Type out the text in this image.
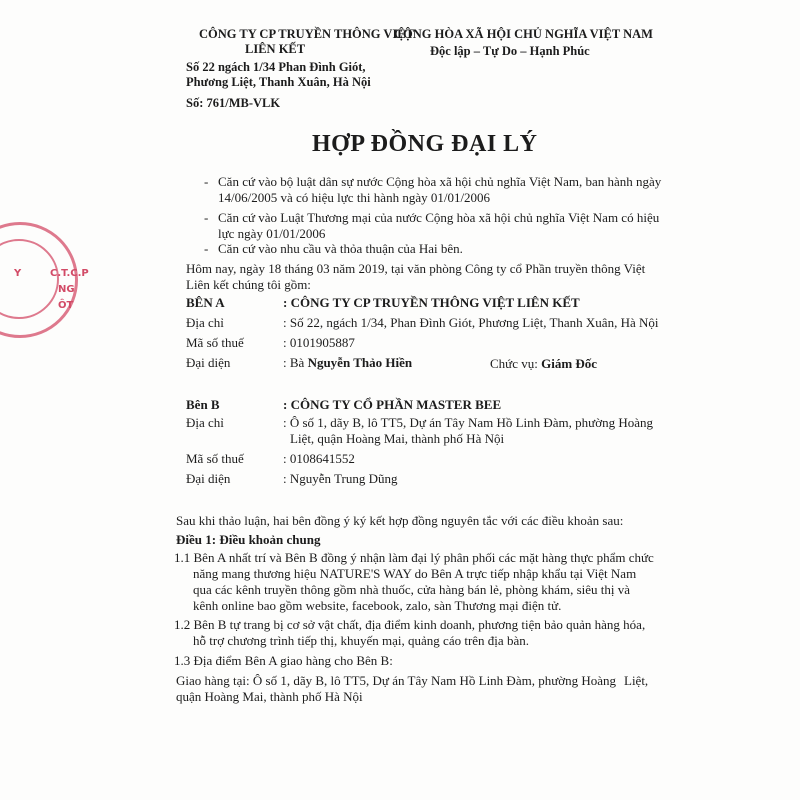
Y	C.T.C.P
NG
ÔT
CÔNG TY CP TRUYỀN THÔNG VIỆT
LIÊN KẾT
Số 22 ngách 1/34 Phan Đình Giót,
Phương Liệt, Thanh Xuân, Hà Nội
Số: 761/MB-VLK
CỘNG HÒA XÃ HỘI CHỦ NGHĨA VIỆT NAM
Độc lập – Tự Do – Hạnh Phúc
HỢP ĐỒNG ĐẠI LÝ
- Căn cứ vào bộ luật dân sự nước Cộng hòa xã hội chủ nghĩa Việt Nam, ban hành ngày
14/06/2005 và có hiệu lực thi hành ngày 01/01/2006
- Căn cứ vào Luật Thương mại của nước Cộng hòa xã hội chủ nghĩa Việt Nam có hiệu
lực ngày 01/01/2006
- Căn cứ vào nhu cầu và thỏa thuận của Hai bên.
Hôm nay, ngày 18 tháng 03 năm 2019, tại văn phòng Công ty cổ Phần truyền thông Việt
Liên kết chúng tôi gồm:
BÊN A	: CÔNG TY CP TRUYỀN THÔNG VIỆT LIÊN KẾT
Địa chỉ	: Số 22, ngách 1/34, Phan Đình Giót, Phương Liệt, Thanh Xuân, Hà Nội
Mã số thuế	: 0101905887
Đại diện	: Bà Nguyễn Thảo Hiền	Chức vụ: Giám Đốc
Bên B	: CÔNG TY CỔ PHẦN MASTER BEE
Địa chỉ	: Ô số 1, dãy B, lô TT5, Dự án Tây Nam Hồ Linh Đàm, phường Hoàng
Liệt, quận Hoàng Mai, thành phố Hà Nội
Mã số thuế	: 0108641552
Đại diện	: Nguyễn Trung Dũng
Sau khi thảo luận, hai bên đồng ý ký kết hợp đồng nguyên tắc với các điều khoản sau:
Điều 1: Điều khoản chung
1.1 Bên A nhất trí và Bên B đồng ý nhận làm đại lý phân phối các mặt hàng thực phẩm chức
năng mang thương hiệu NATURE'S WAY do Bên A trực tiếp nhập khẩu tại Việt Nam
qua các kênh truyền thông gồm nhà thuốc, cửa hàng bán lẻ, phòng khám, siêu thị và
kênh online bao gồm website, facebook, zalo, sàn Thương mại điện tử.
1.2 Bên B tự trang bị cơ sở vật chất, địa điểm kinh doanh, phương tiện bảo quản hàng hóa,
hỗ trợ chương trình tiếp thị, khuyến mại, quảng cáo trên địa bàn.
1.3 Địa điểm Bên A giao hàng cho Bên B:
Giao hàng tại: Ô số 1, dãy B, lô TT5, Dự án Tây Nam Hồ Linh Đàm, phường Hoàng Liệt,
quận Hoàng Mai, thành phố Hà Nội
